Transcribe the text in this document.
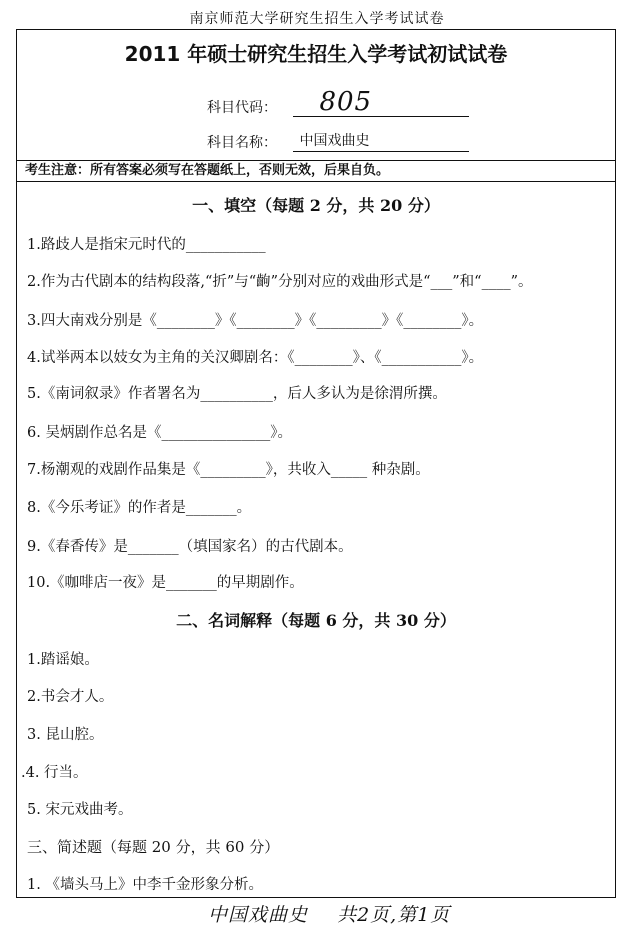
南京师范大学研究生招生入学考试试卷
2011 年硕士研究生招生入学考试初试试卷
科目代码： 805
科目名称： 中国戏曲史
考生注意：所有答案必须写在答题纸上，否则无效，后果自负。
一、填空（每题 2 分，共 20 分）
1.路歧人是指宋元时代的___________
2.作为古代剧本的结构段落,“折”与“齣”分别对应的戏曲形式是“___”和“____”。
3.四大南戏分别是《________》《________》《_________》《________》。
4.试举两本以妓女为主角的关汉卿剧名：《________》、《___________》。
5.《南词叙录》作者署名为__________，后人多认为是徐渭所撰。
6. 吴炳剧作总名是《_______________》。
7.杨潮观的戏剧作品集是《_________》，共收入_____ 种杂剧。
8.《今乐考证》的作者是_______。
9.《春香传》是_______（填国家名）的古代剧本。
10.《咖啡店一夜》是_______的早期剧作。
二、名词解释（每题 6 分，共 30 分）
1.踏谣娘。
2.书会才人。
3. 昆山腔。
.4. 行当。
5. 宋元戏曲考。
三、简述题（每题 20 分，共 60 分）
1. 《墙头马上》中李千金形象分析。
中国戏曲史 共2页,第1页
